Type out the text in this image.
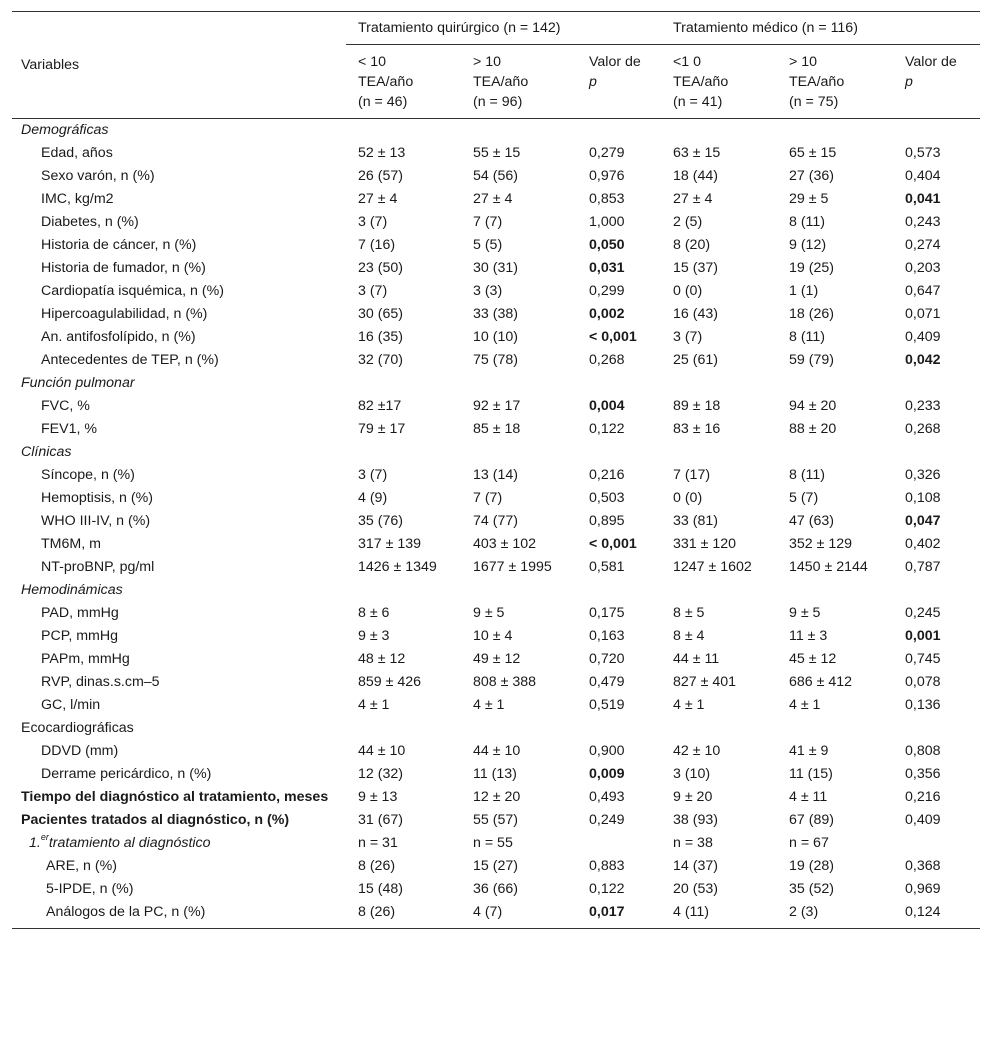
Variables	Tratamiento quirúrgico (n = 142)			Tratamiento médico (n = 116)		
	< 10
TEA/año
(n = 46)	> 10
TEA/año
(n = 96)	Valor de
p	<1 0
TEA/año
(n = 41)	> 10
TEA/año
(n = 75)	Valor de
p
Demográficas						
Edad, años	52 ± 13	55 ± 15	0,279	63 ± 15	65 ± 15	0,573
Sexo varón, n (%)	26 (57)	54 (56)	0,976	18 (44)	27 (36)	0,404
IMC, kg/m2	27 ± 4	27 ± 4	0,853	27 ± 4	29 ± 5	0,041
Diabetes, n (%)	3 (7)	7 (7)	1,000	2 (5)	8 (11)	0,243
Historia de cáncer, n (%)	7 (16)	5 (5)	0,050	8 (20)	9 (12)	0,274
Historia de fumador, n (%)	23 (50)	30 (31)	0,031	15 (37)	19 (25)	0,203
Cardiopatía isquémica, n (%)	3 (7)	3 (3)	0,299	0 (0)	1 (1)	0,647
Hipercoagulabilidad, n (%)	30 (65)	33 (38)	0,002	16 (43)	18 (26)	0,071
An. antifosfolípido, n (%)	16 (35)	10 (10)	< 0,001	3 (7)	8 (11)	0,409
Antecedentes de TEP, n (%)	32 (70)	75 (78)	0,268	25 (61)	59 (79)	0,042
Función pulmonar						
FVC, %	82 ±17	92 ± 17	0,004	89 ± 18	94 ± 20	0,233
FEV1, %	79 ± 17	85 ± 18	0,122	83 ± 16	88 ± 20	0,268
Clínicas						
Síncope, n (%)	3 (7)	13 (14)	0,216	7 (17)	8 (11)	0,326
Hemoptisis, n (%)	4 (9)	7 (7)	0,503	0 (0)	5 (7)	0,108
WHO III-IV, n (%)	35 (76)	74 (77)	0,895	33 (81)	47 (63)	0,047
TM6M, m	317 ± 139	403 ± 102	< 0,001	331 ± 120	352 ± 129	0,402
NT-proBNP, pg/ml	1426 ± 1349	1677 ± 1995	0,581	1247 ± 1602	1450 ± 2144	0,787
Hemodinámicas						
PAD, mmHg	8 ± 6	9 ± 5	0,175	8 ± 5	9 ± 5	0,245
PCP, mmHg	9 ± 3	10 ± 4	0,163	8 ± 4	11 ± 3	0,001
PAPm, mmHg	48 ± 12	49 ± 12	0,720	44 ± 11	45 ± 12	0,745
RVP, dinas.s.cm–5	859 ± 426	808 ± 388	0,479	827 ± 401	686 ± 412	0,078
GC, l/min	4 ± 1	4 ± 1	0,519	4 ± 1	4 ± 1	0,136
Ecocardiográficas						
DDVD (mm)	44 ± 10	44 ± 10	0,900	42 ± 10	41 ± 9	0,808
Derrame pericárdico, n (%)	12 (32)	11 (13)	0,009	3 (10)	11 (15)	0,356
Tiempo del diagnóstico al tratamiento, meses	9 ± 13	12 ± 20	0,493	9 ± 20	4 ± 11	0,216
Pacientes tratados al diagnóstico, n (%)	31 (67)	55 (57)	0,249	38 (93)	67 (89)	0,409
1.$^{er}$tratamiento al diagnóstico	n = 31	n = 55		n = 38	n = 67	
ARE, n (%)	8 (26)	15 (27)	0,883	14 (37)	19 (28)	0,368
5-IPDE, n (%)	15 (48)	36 (66)	0,122	20 (53)	35 (52)	0,969
Análogos de la PC, n (%)	8 (26)	4 (7)	0,017	4 (11)	2 (3)	0,124
